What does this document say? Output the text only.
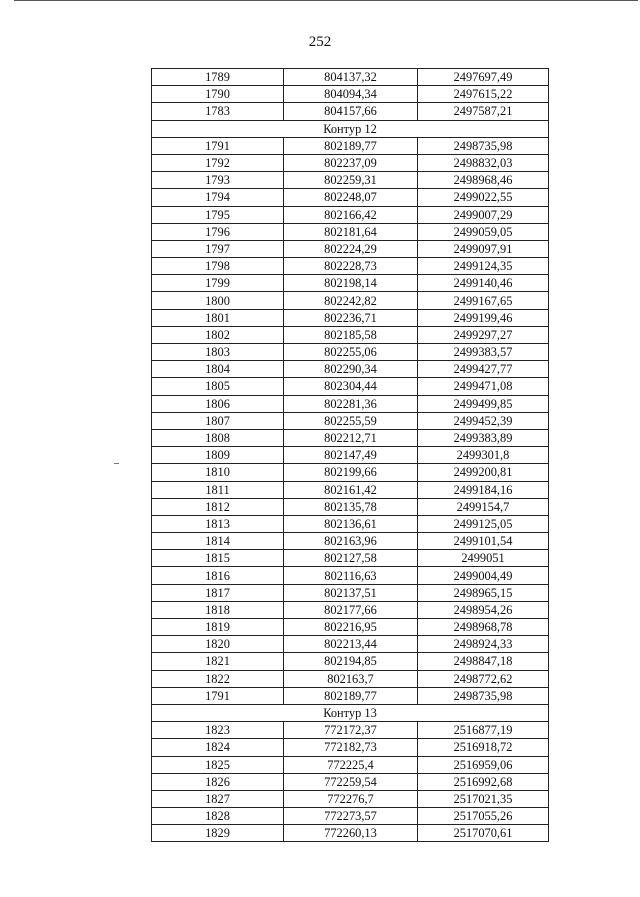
252
1789	804137,32	2497697,49
1790	804094,34	2497615,22
1783	804157,66	2497587,21
Контур 12		
1791	802189,77	2498735,98
1792	802237,09	2498832,03
1793	802259,31	2498968,46
1794	802248,07	2499022,55
1795	802166,42	2499007,29
1796	802181,64	2499059,05
1797	802224,29	2499097,91
1798	802228,73	2499124,35
1799	802198,14	2499140,46
1800	802242,82	2499167,65
1801	802236,71	2499199,46
1802	802185,58	2499297,27
1803	802255,06	2499383,57
1804	802290,34	2499427,77
1805	802304,44	2499471,08
1806	802281,36	2499499,85
1807	802255,59	2499452,39
1808	802212,71	2499383,89
1809	802147,49	2499301,8
1810	802199,66	2499200,81
1811	802161,42	2499184,16
1812	802135,78	2499154,7
1813	802136,61	2499125,05
1814	802163,96	2499101,54
1815	802127,58	2499051
1816	802116,63	2499004,49
1817	802137,51	2498965,15
1818	802177,66	2498954,26
1819	802216,95	2498968,78
1820	802213,44	2498924,33
1821	802194,85	2498847,18
1822	802163,7	2498772,62
1791	802189,77	2498735,98
Контур 13		
1823	772172,37	2516877,19
1824	772182,73	2516918,72
1825	772225,4	2516959,06
1826	772259,54	2516992,68
1827	772276,7	2517021,35
1828	772273,57	2517055,26
1829	772260,13	2517070,61
